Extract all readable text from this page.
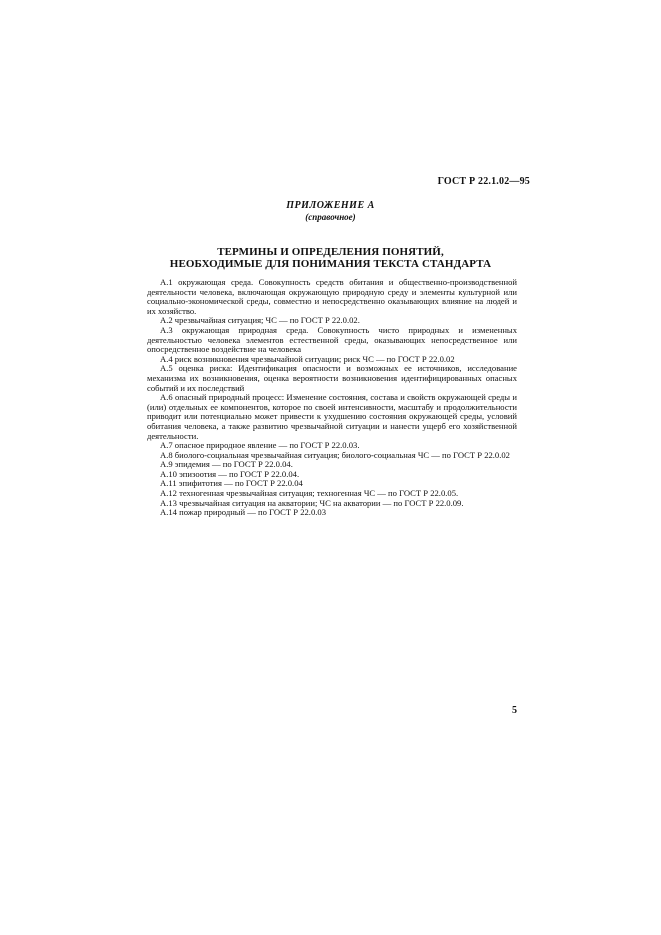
ГОСТ Р 22.1.02—95
ПРИЛОЖЕНИЕ А
(справочное)
ТЕРМИНЫ И ОПРЕДЕЛЕНИЯ ПОНЯТИЙ,
НЕОБХОДИМЫЕ ДЛЯ ПОНИМАНИЯ ТЕКСТА СТАНДАРТА

А.1 окружающая среда. Совокупность средств обитания и общественно-производственной деятельности человека, включающая окружающую природную среду и элементы культурной или социально-экономической среды, совместно и непосредственно оказывающих влияние на людей и их хозяйство.

А.2 чрезвычайная ситуация; ЧС — по ГОСТ Р 22.0.02.

А.3 окружающая природная среда. Совокупность чисто природных и измененных деятельностью человека элементов естественной среды, оказывающих непосредственное или опосредственное воздействие на человека

А.4 риск возникновения чрезвычайной ситуации; риск ЧС — по ГОСТ Р 22.0.02

А.5 оценка риска: Идентификация опасности и возможных ее источников, исследование механизма их возникновения, оценка вероятности возникновения идентифицированных опасных событий и их последствий

А.6 опасный природный процесс: Изменение состояния, состава и свойств окружающей среды и (или) отдельных ее компонентов, которое по своей интенсивности, масштабу и продолжительности приводит или потенциально может привести к ухудшению состояния окружающей среды, условий обитания человека, а также развитию чрезвычайной ситуации и нанести ущерб его хозяйственной деятельности.

А.7 опасное природное явление — по ГОСТ Р 22.0.03.

А.8 биолого-социальная чрезвычайная ситуация; биолого-социальная ЧС — по ГОСТ Р 22.0.02

А.9 эпидемия — по ГОСТ Р 22.0.04.

А.10 эпизоотия — по ГОСТ Р 22.0.04.

А.11 эпифитотия — по ГОСТ Р 22.0.04

А.12 техногенная чрезвычайная ситуация; техногенная ЧС — по ГОСТ Р 22.0.05.

А.13 чрезвычайная ситуация на акватории; ЧС на акватории — по ГОСТ Р 22.0.09.

А.14 пожар природный — по ГОСТ Р 22.0.03

5
